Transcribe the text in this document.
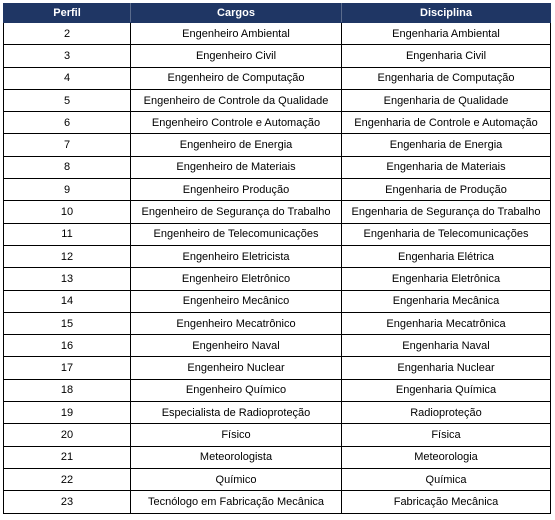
Perfil	Cargos	Disciplina
2	Engenheiro Ambiental	Engenharia Ambiental
3	Engenheiro Civil	Engenharia Civil
4	Engenheiro de Computação	Engenharia de Computação
5	Engenheiro de Controle da Qualidade	Engenharia de Qualidade
6	Engenheiro Controle e Automação	Engenharia de Controle e Automação
7	Engenheiro de Energia	Engenharia de Energia
8	Engenheiro de Materiais	Engenharia de Materiais
9	Engenheiro Produção	Engenharia de Produção
10	Engenheiro de Segurança do Trabalho	Engenharia de Segurança do Trabalho
11	Engenheiro de Telecomunicações	Engenharia de Telecomunicações
12	Engenheiro Eletricista	Engenharia Elétrica
13	Engenheiro Eletrônico	Engenharia Eletrônica
14	Engenheiro Mecânico	Engenharia Mecânica
15	Engenheiro Mecatrônico	Engenharia Mecatrônica
16	Engenheiro Naval	Engenharia Naval
17	Engenheiro Nuclear	Engenharia Nuclear
18	Engenheiro Químico	Engenharia Química
19	Especialista de Radioproteção	Radioproteção
20	Físico	Física
21	Meteorologista	Meteorologia
22	Químico	Química
23	Tecnólogo em Fabricação Mecânica	Fabricação Mecânica
